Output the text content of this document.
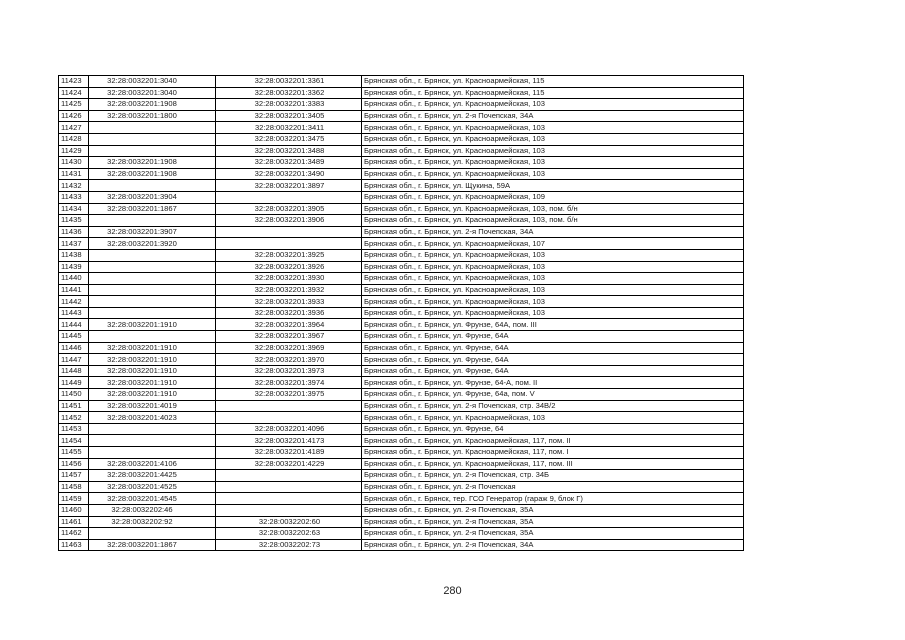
11423	32:28:0032201:3040	32:28:0032201:3361	Брянская обл., г. Брянск, ул. Красноармейская, 115
11424	32:28:0032201:3040	32:28:0032201:3362	Брянская обл., г. Брянск, ул. Красноармейская, 115
11425	32:28:0032201:1908	32:28:0032201:3383	Брянская обл., г. Брянск, ул. Красноармейская, 103
11426	32:28:0032201:1800	32:28:0032201:3405	Брянская обл., г. Брянск, ул. 2-я Почепская, 34А
11427		32:28:0032201:3411	Брянская обл., г. Брянск, ул. Красноармейская, 103
11428		32:28:0032201:3475	Брянская обл., г. Брянск, ул. Красноармейская, 103
11429		32:28:0032201:3488	Брянская обл., г. Брянск, ул. Красноармейская, 103
11430	32:28:0032201:1908	32:28:0032201:3489	Брянская обл., г. Брянск, ул. Красноармейская, 103
11431	32:28:0032201:1908	32:28:0032201:3490	Брянская обл., г. Брянск, ул. Красноармейская, 103
11432		32:28:0032201:3897	Брянская обл., г. Брянск, ул. Щукина, 59А
11433	32:28:0032201:3904		Брянская обл., г. Брянск, ул. Красноармейская, 109
11434	32:28:0032201:1867	32:28:0032201:3905	Брянская обл., г. Брянск, ул. Красноармейская, 103, пом. б/н
11435		32:28:0032201:3906	Брянская обл., г. Брянск, ул. Красноармейская, 103, пом. б/н
11436	32:28:0032201:3907		Брянская обл., г. Брянск, ул. 2-я Почепская, 34А
11437	32:28:0032201:3920		Брянская обл., г. Брянск, ул. Красноармейская, 107
11438		32:28:0032201:3925	Брянская обл., г. Брянск, ул. Красноармейская, 103
11439		32:28:0032201:3926	Брянская обл., г. Брянск, ул. Красноармейская, 103
11440		32:28:0032201:3930	Брянская обл., г. Брянск, ул. Красноармейская, 103
11441		32:28:0032201:3932	Брянская обл., г. Брянск, ул. Красноармейская, 103
11442		32:28:0032201:3933	Брянская обл., г. Брянск, ул. Красноармейская, 103
11443		32:28:0032201:3936	Брянская обл., г. Брянск, ул. Красноармейская, 103
11444	32:28:0032201:1910	32:28:0032201:3964	Брянская обл., г. Брянск, ул. Фрунзе, 64А, пом. III
11445		32:28:0032201:3967	Брянская обл., г. Брянск, ул. Фрунзе, 64А
11446	32:28:0032201:1910	32:28:0032201:3969	Брянская обл., г. Брянск, ул. Фрунзе, 64А
11447	32:28:0032201:1910	32:28:0032201:3970	Брянская обл., г. Брянск, ул. Фрунзе, 64А
11448	32:28:0032201:1910	32:28:0032201:3973	Брянская обл., г. Брянск, ул. Фрунзе, 64А
11449	32:28:0032201:1910	32:28:0032201:3974	Брянская обл., г. Брянск, ул. Фрунзе, 64-А, пом. II
11450	32:28:0032201:1910	32:28:0032201:3975	Брянская обл., г. Брянск, ул. Фрунзе, 64а, пом. V
11451	32:28:0032201:4019		Брянская обл., г. Брянск, ул. 2-я Почепская, стр. 34В/2
11452	32:28:0032201:4023		Брянская обл., г. Брянск, ул. Красноармейская, 103
11453		32:28:0032201:4096	Брянская обл., г. Брянск, ул. Фрунзе, 64
11454		32:28:0032201:4173	Брянская обл., г. Брянск, ул. Красноармейская, 117, пом. II
11455		32:28:0032201:4189	Брянская обл., г. Брянск, ул. Красноармейская, 117, пом. I
11456	32:28:0032201:4106	32:28:0032201:4229	Брянская обл., г. Брянск, ул. Красноармейская, 117, пом. III
11457	32:28:0032201:4425		Брянская обл., г. Брянск, ул. 2-я Почепская, стр. 34Б
11458	32:28:0032201:4525		Брянская обл., г. Брянск, ул. 2-я Почепская
11459	32:28:0032201:4545		Брянская обл., г. Брянск, тер. ГСО Генератор (гараж 9, блок Г)
11460	32:28:0032202:46		Брянская обл., г. Брянск, ул. 2-я Почепская, 35А
11461	32:28:0032202:92	32:28:0032202:60	Брянская обл., г. Брянск, ул. 2-я Почепская, 35А
11462		32:28:0032202:63	Брянская обл., г. Брянск, ул. 2-я Почепская, 35А
11463	32:28:0032201:1867	32:28:0032202:73	Брянская обл., г. Брянск, ул. 2-я Почепская, 34А
280
